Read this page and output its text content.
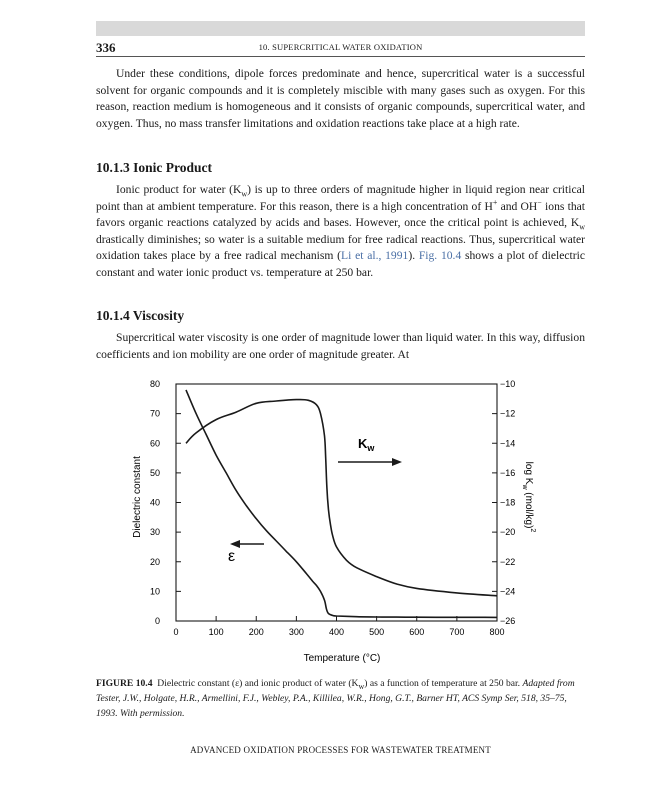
336	10. SUPERCRITICAL WATER OXIDATION

Under these conditions, dipole forces predominate and hence, supercritical water is a successful solvent for organic compounds and it is completely miscible with many gases such as oxygen. For this reason, reaction medium is homogeneous and it consists of organic compounds, supercritical water, and oxygen. Thus, no mass transfer limitations and oxidation reactions take place at a high rate.

10.1.3 Ionic Product

Ionic product for water $(K_w)$ is up to three orders of magnitude higher in liquid region near critical point than at ambient temperature. For this reason, there is a high concentration of H+ and OH− ions that favors organic reactions catalyzed by acids and bases. However, once the critical point is achieved, $K_w$ drastically diminishes; so water is a suitable medium for free radical reactions. Thus, supercritical water oxidation takes place by a free radical mechanism (Li et al., 1991). Fig. 10.4 shows a plot of dielectric constant and water ionic product vs. temperature at 250 bar.

10.1.4 Viscosity

Supercritical water viscosity is one order of magnitude lower than liquid water. In this way, diffusion coefficients and ion mobility are one order of magnitude greater. At

0	100	200	300	400	500	600	700	800
0
10
20
30
40
50
60
70
80	−10
−12
−14
−16
−18
−20
−22
−24
−26
$K_w$
ε
Temperature (°C)
Dielectric constant	$\log K_w$ $(mol/kg)^2$

FIGURE 10.4 Dielectric constant (ε) and ionic product of water $(K_w)$ as a function of temperature at 250 bar. Adapted from Tester, J.W., Holgate, H.R., Armellini, F.J., Webley, P.A., Killilea, W.R., Hong, G.T., Barner HT, ACS Symp Ser, 518, 35–75, 1993. With permission.

ADVANCED OXIDATION PROCESSES FOR WASTEWATER TREATMENT
